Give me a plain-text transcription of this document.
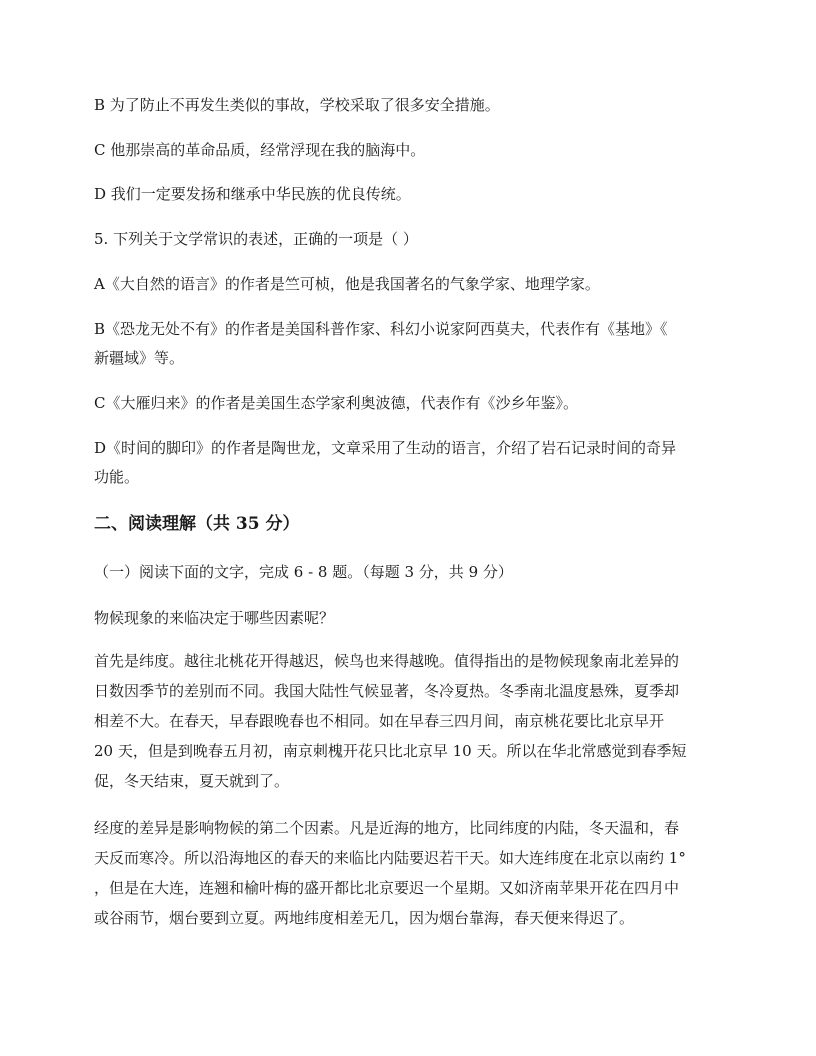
B 为了防止不再发生类似的事故，学校采取了很多安全措施。

C 他那崇高的革命品质，经常浮现在我的脑海中。

D 我们一定要发扬和继承中华民族的优良传统。

5. 下列关于文学常识的表述，正确的一项是（ ）

A《大自然的语言》的作者是竺可桢，他是我国著名的气象学家、地理学家。

B《恐龙无处不有》的作者是美国科普作家、科幻小说家阿西莫夫，代表作有《基地》《

新疆域》等。

C《大雁归来》的作者是美国生态学家利奥波德，代表作有《沙乡年鉴》。

D《时间的脚印》的作者是陶世龙，文章采用了生动的语言，介绍了岩石记录时间的奇异

功能。

二、阅读理解（共 35 分）

（一）阅读下面的文字，完成 6 - 8 题。（每题 3 分，共 9 分）

物候现象的来临决定于哪些因素呢？

首先是纬度。越往北桃花开得越迟，候鸟也来得越晚。值得指出的是物候现象南北差异的

日数因季节的差别而不同。我国大陆性气候显著，冬冷夏热。冬季南北温度悬殊，夏季却

相差不大。在春天，早春跟晚春也不相同。如在早春三四月间，南京桃花要比北京早开

20 天，但是到晚春五月初，南京刺槐开花只比北京早 10 天。所以在华北常感觉到春季短

促，冬天结束，夏天就到了。

经度的差异是影响物候的第二个因素。凡是近海的地方，比同纬度的内陆，冬天温和，春

天反而寒冷。所以沿海地区的春天的来临比内陆要迟若干天。如大连纬度在北京以南约 1°

，但是在大连，连翘和榆叶梅的盛开都比北京要迟一个星期。又如济南苹果开花在四月中

或谷雨节，烟台要到立夏。两地纬度相差无几，因为烟台靠海，春天便来得迟了。
